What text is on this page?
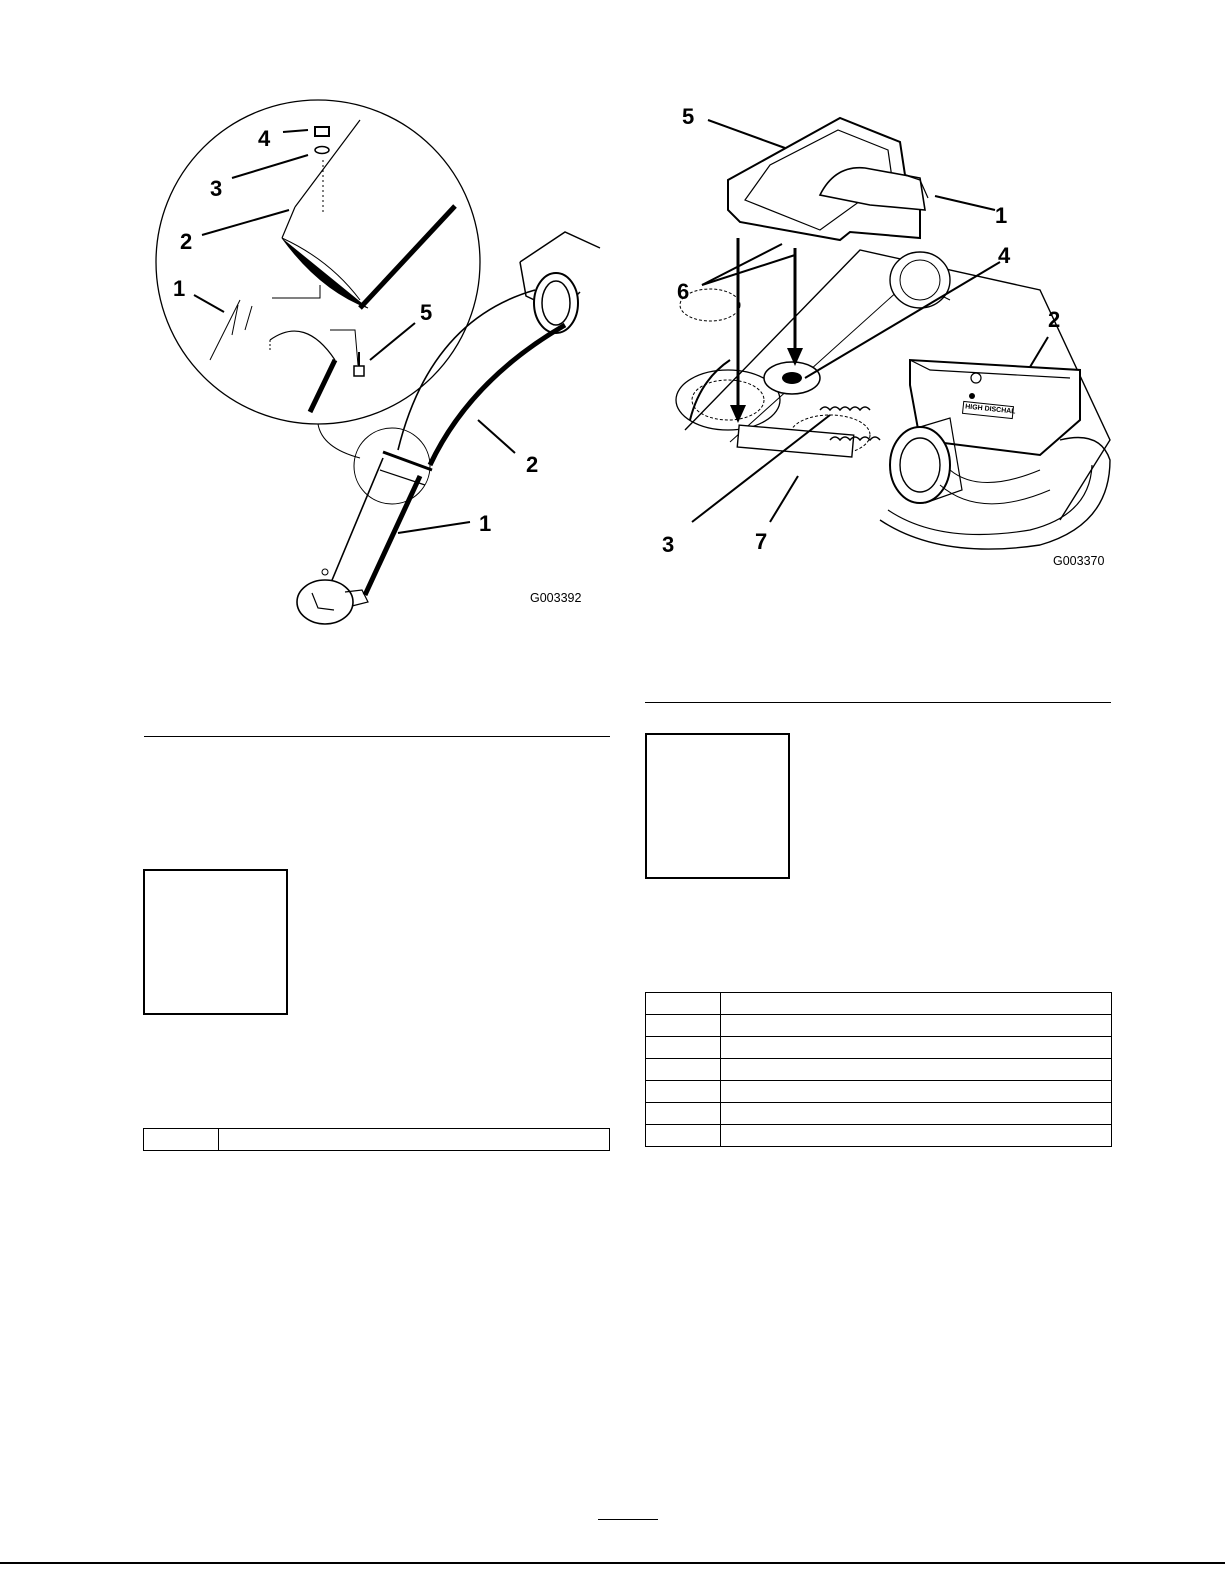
4
3
2
1
5
2
1
G003392
HIGH DISCHAL
5
1
6
4
2
3	7
G003370
